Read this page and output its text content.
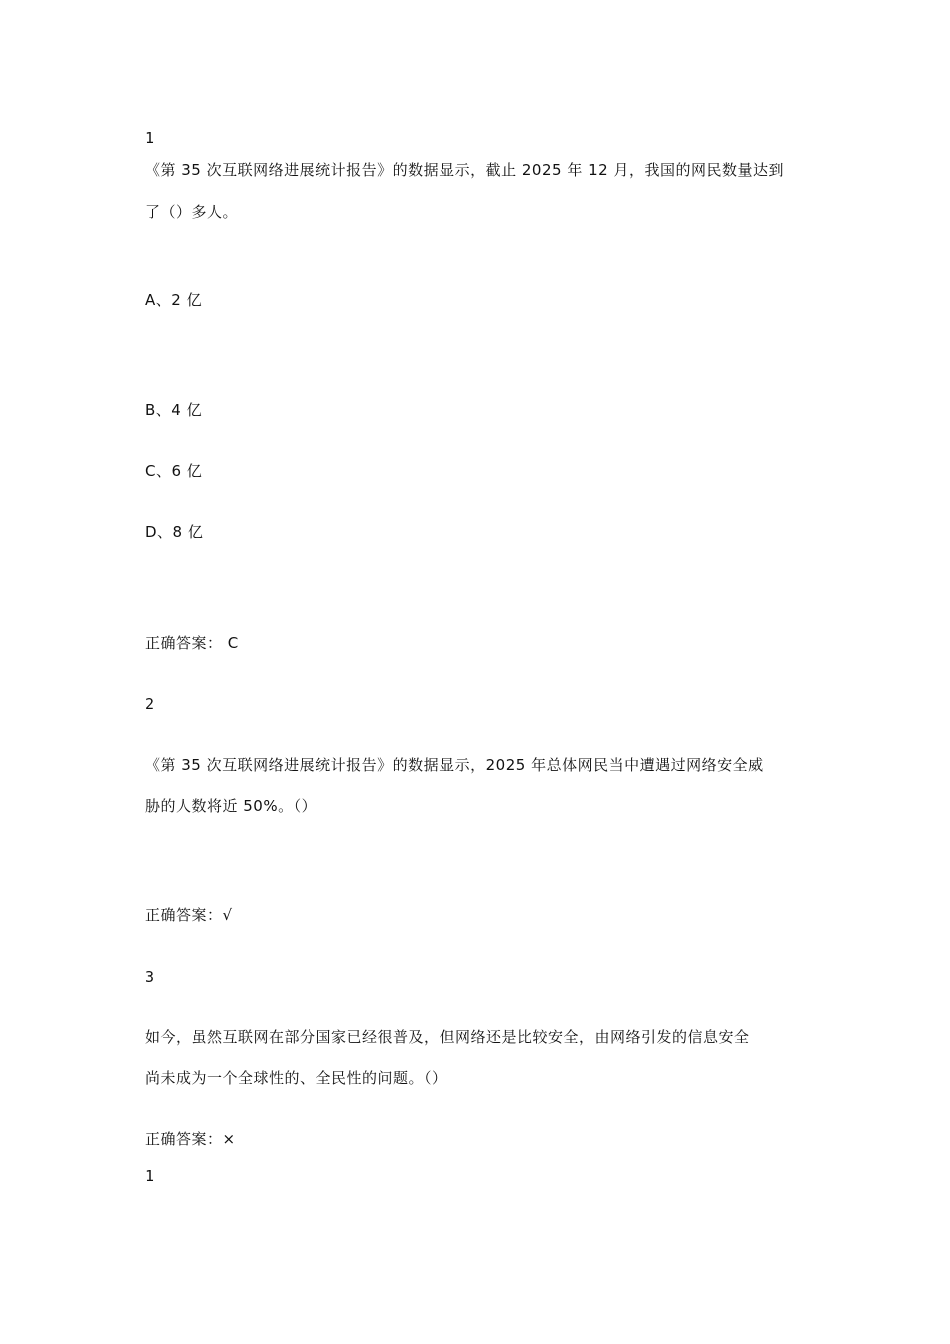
1
《第 35 次互联网络进展统计报告》的数据显示，截止 2025 年 12 月，我国的网民数量达到
了（）多人。
A、2 亿
B、4 亿
C、6 亿
D、8 亿
正确答案： C
2
《第 35 次互联网络进展统计报告》的数据显示，2025 年总体网民当中遭遇过网络安全威
胁的人数将近 50%。（）
正确答案：√
3
如今，虽然互联网在部分国家已经很普及，但网络还是比较安全，由网络引发的信息安全
尚未成为一个全球性的、全民性的问题。（）
正确答案：×
1
